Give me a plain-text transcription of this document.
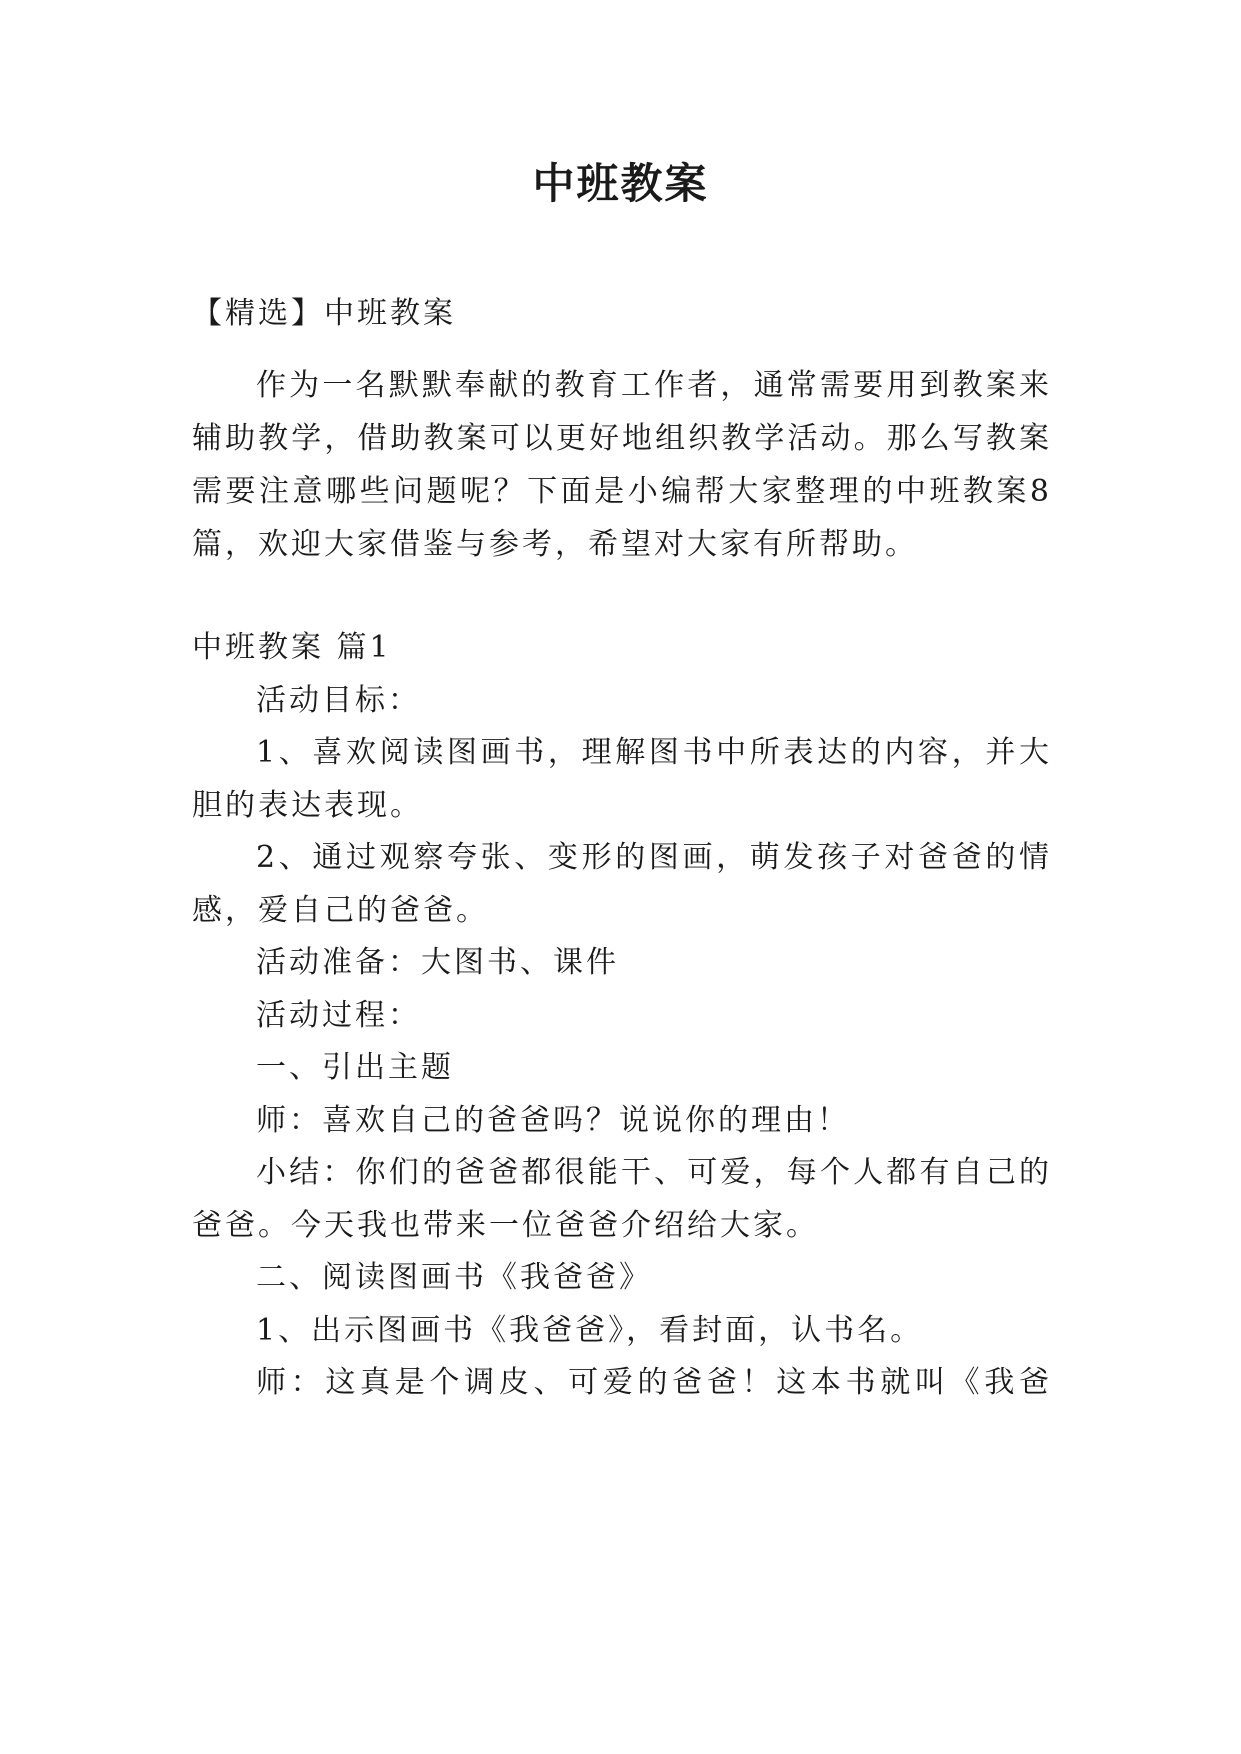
中班教案
【精选】中班教案
作为一名默默奉献的教育工作者，通常需要用到教案来
辅助教学，借助教案可以更好地组织教学活动。那么写教案
需要注意哪些问题呢？下面是小编帮大家整理的中班教案8
篇，欢迎大家借鉴与参考，希望对大家有所帮助。
中班教案 篇1
活动目标：
1、喜欢阅读图画书，理解图书中所表达的内容，并大
胆的表达表现。
2、通过观察夸张、变形的图画，萌发孩子对爸爸的情
感，爱自己的爸爸。
活动准备：大图书、课件
活动过程：
一、引出主题
师：喜欢自己的爸爸吗？说说你的理由！
小结：你们的爸爸都很能干、可爱，每个人都有自己的
爸爸。今天我也带来一位爸爸介绍给大家。
二、阅读图画书《我爸爸》
1、出示图画书《我爸爸》，看封面，认书名。
师：这真是个调皮、可爱的爸爸！这本书就叫《我爸
